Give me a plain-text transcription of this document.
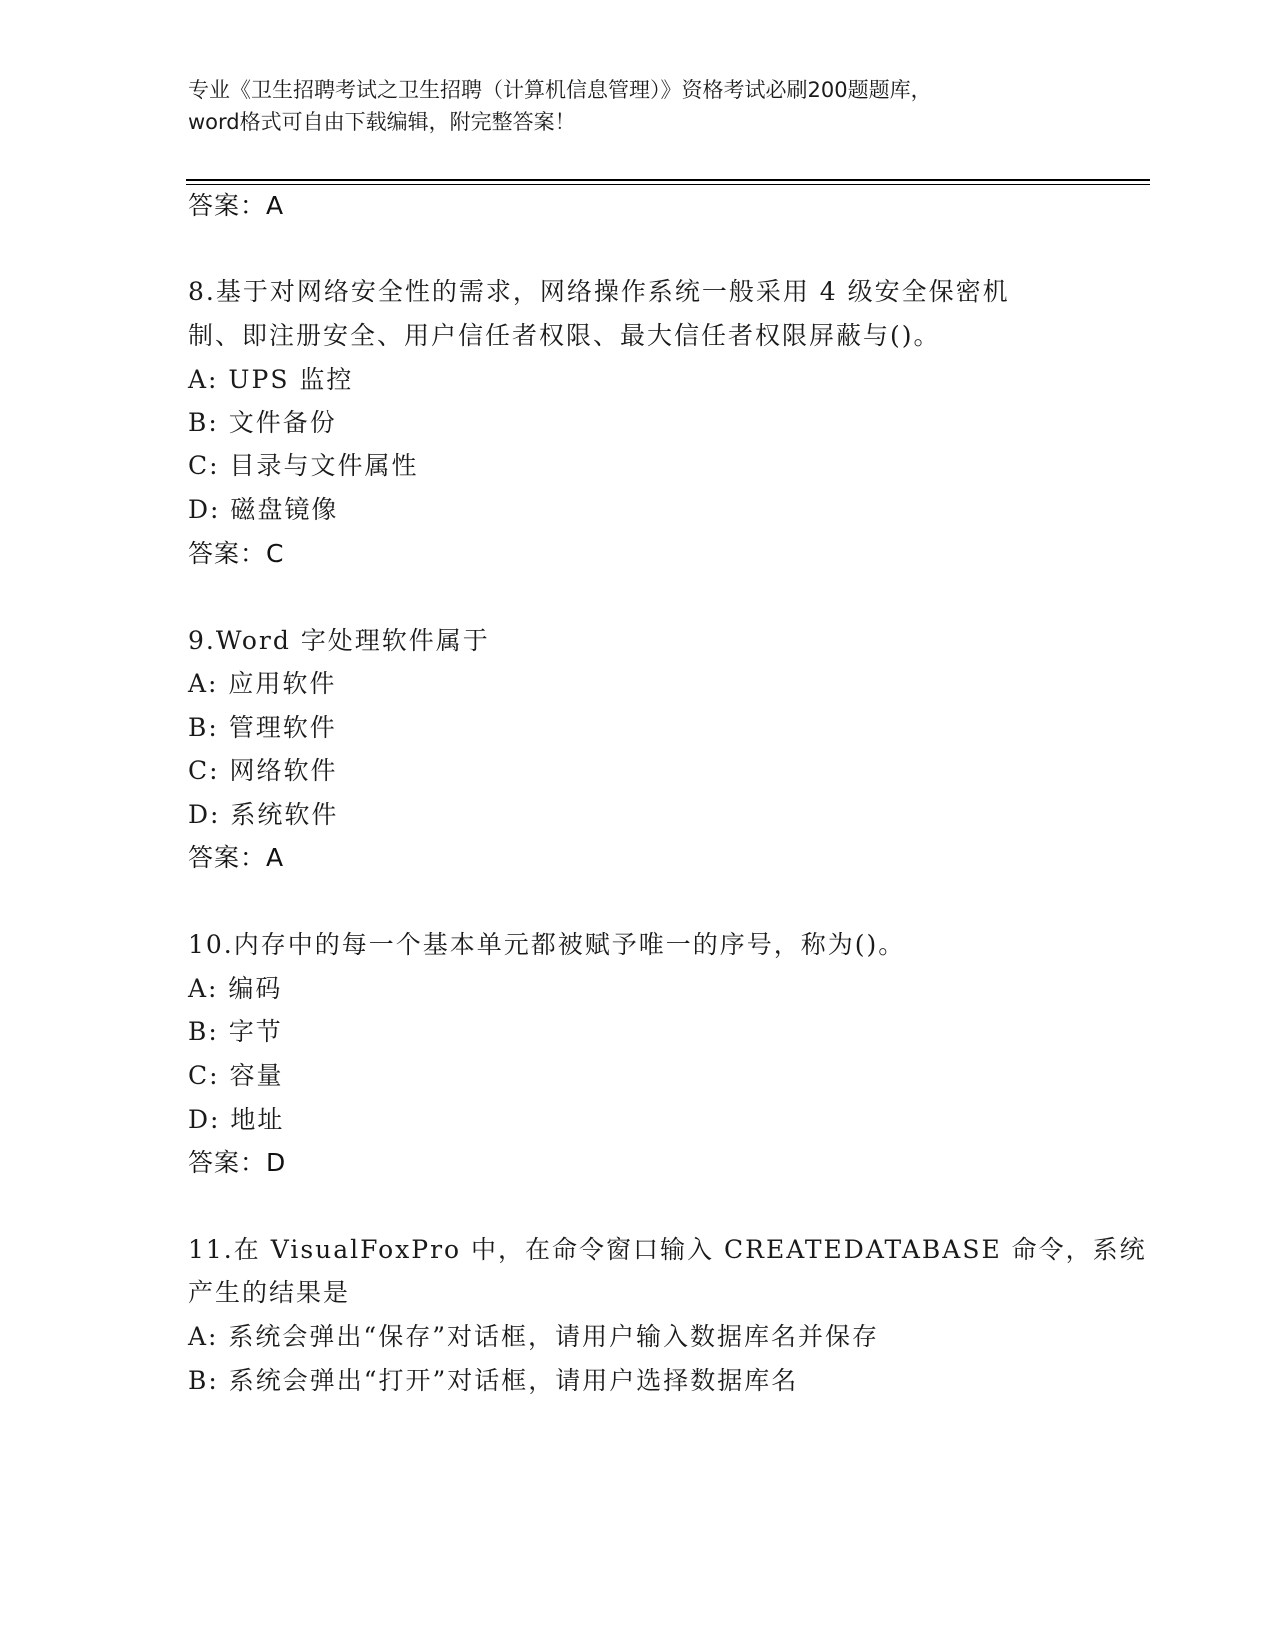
专业《卫生招聘考试之卫生招聘（计算机信息管理）》资格考试必刷200题题库，
word格式可自由下载编辑，附完整答案！
答案：A
8.基于对网络安全性的需求，网络操作系统一般采用 4 级安全保密机
制、即注册安全、用户信任者权限、最大信任者权限屏蔽与()。
A: UPS 监控
B: 文件备份
C: 目录与文件属性
D: 磁盘镜像
答案：C
9.Word 字处理软件属于
A: 应用软件
B: 管理软件
C: 网络软件
D: 系统软件
答案：A
10.内存中的每一个基本单元都被赋予唯一的序号，称为()。
A: 编码
B: 字节
C: 容量
D: 地址
答案：D
11.在 VisualFoxPro 中，在命令窗口输入 CREATEDATABASE 命令，系统
产生的结果是
A: 系统会弹出“保存”对话框，请用户输入数据库名并保存
B: 系统会弹出“打开”对话框，请用户选择数据库名
